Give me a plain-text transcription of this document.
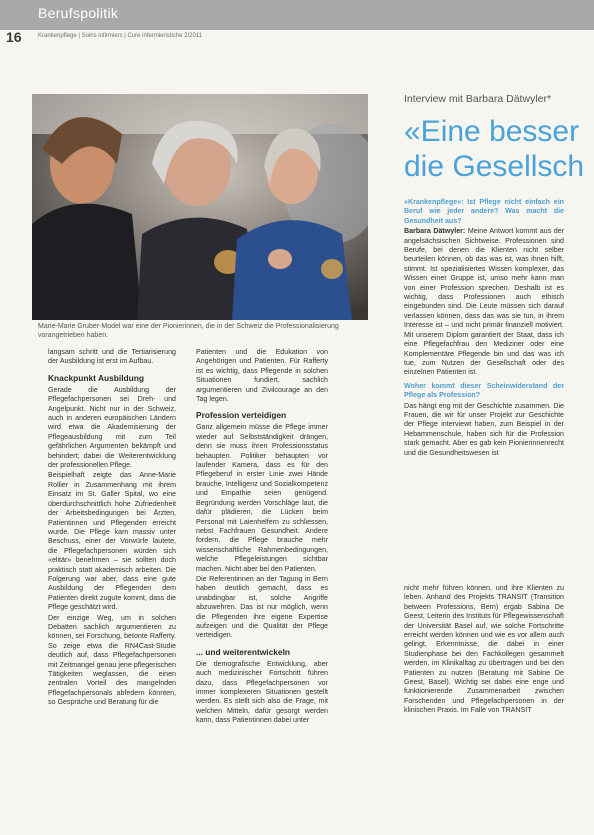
Berufspolitik
16	Krankenpflege | Soins infirmiers | Cure infermieristiche 2/2011
Marie-Marie Gruber-Model war eine der Pionierinnen, die in der Schweiz die Professionalisierung vorangetrieben haben.
Interview mit Barbara Dätwyler*
«Eine besser
die Gesellsch

langsam schritt und die Tertiarisierung der Ausbildung ist erst im Aufbau.

Knackpunkt Ausbildung

Gerade die Ausbildung der Pflegefachpersonen sei Dreh- und Angelpunkt. Nicht nur in der Schweiz, auch in anderen europäischen Ländern wird etwa die Akademisierung der Pflegeausbildung mit zum Teil gefährlichen Argumenten bekämpft und behindert; dabei die Weiterentwicklung der professionellen Pflege.

Beispielhaft zeigte das Anne-Marie Rollier in Zusammenhang mit ihrem Einsatz im St. Galler Spital, wo eine überdurchschnittlich hohe Zufriedenheit der Arbeitsbedingungen bei Ärzten, Patientinnen und Pflegenden erreicht wurde. Die Pflege kam massiv unter Beschuss, einer der Vorwürfe lautete, die Pflegefachpersonen würden sich «elitär» benehmen – sie sollten doch praktisch statt akademisch arbeiten. Die Folgerung war aber, dass eine gute Ausbildung der Pflegenden dem Patienten direkt zugute kommt, dass die Pflege geschätzt wird.

Der einzige Weg, um in solchen Debatten sachlich argumentieren zu können, sei Forschung, betonte Rafferty. So zeige etwa die RN4Cast-Studie deutlich auf, dass Pflegefachpersonen mit Zeitmangel genau jene pflegerischen Tätigkeiten weglassen, die einen zentralen Vorteil des mangelnden Pflegefachpersonals abfedern könnten, so Gespräche und Beratung für die

Patienten und die Edukation von Angehörigen und Patienten. Für Rafferty ist es wichtig, dass Pflegende in solchen Situationen fundiert, sachlich argumentieren und Zivilcourage an den Tag legen.

Profession verteidigen

Ganz allgemein müsse die Pflege immer wieder auf Selbstständigkeit drängen, denn sie muss ihren Professionsstatus behaupten. Politiker behaupten vor laufender Kamera, dass es für den Pflegeberuf in erster Linie zwei Hände brauche, Intelligenz und Sozialkompetenz und Empathie seien genügend. Begründung werden Vorschläge laut, die dafür plädieren, die Lücken beim Personal mit Laienhelfern zu schliessen, nebst Fachfrauen Gesundheit. Andere fordern, die Pflege brauche mehr wissenschaftliche Rahmenbedingungen, welche Pflegeleistungen sichtbar machen. Nicht aber bei den Patienten.

Die Referentinnen an der Tagung in Bern haben deutlich gemacht, dass es unabdingbar ist, solche Angriffe abzuwehren. Das ist nur möglich, wenn die Pflegenden ihre eigene Expertise aufzeigen und die Qualität der Pflege verteidigen.

... und weiterentwickeln

Die demografische Entwicklung, aber auch medizinischer Fortschritt führen dazu, dass Pflegefachpersonen vor immer komplexeren Situationen gestellt werden. Es stellt sich also die Frage, mit welchen Mitteln, dafür gesorgt werden kann, dass Patientinnen dabei unter

«Krankenpflege»: Ist Pflege nicht einfach ein Beruf wie jeder andere? Was macht die Gesundheit aus?

Barbara Dätwyler: Meine Antwort kommt aus der angelsächsischen Sichtweise. Professionen sind Berufe, bei denen die Klienten nicht selber beurteilen können, ob das was ist, was ihnen hilft, stimmt. Ist spezialisiertes Wissen komplexer, das Wissen einer Gruppe ist, umso mehr kann man von einer Profession sprechen. Deshalb ist es wichtig, dass Professionen auch ethisch eingebunden sind. Die Leute müssen sich darauf verlassen können, dass das was sie tun, in ihrem Interesse ist – und nicht primär finanziell motiviert. Mit unserem Diplom garantiert der Staat, dass ich eine Pflegefachfrau den Mediziner oder eine Komplementäre Pflegende bin und das was ich tue, zum Nutzen der Gesellschaft oder des einzelnen Patienten ist.

Woher kommt dieser Scheinwiderstand der Pflege als Profession?

Das hängt eng mit der Geschichte zusammen. Die Frauen, die wir für unser Projekt zur Geschichte der Pflege interviewt haben, zum Beispiel in der Hebammenschule, haben sich für die Profession stark gemacht. Aber es gab kein Pionierinnenrecht und die Gesundheitswesen ist

nicht mehr führen können, und ihre Klienten zu leben. Anhand des Projekts TRANSIT (Transition between Professions, Bern) ergab Sabina De Geest, Leiterin des Instituts für Pflegewissenschaft der Universität Basel auf, wie solche Fortschritte erreicht werden können und wie es vor allem auch gelingt, Erkenntnisse, die dabei in einer Studienphase bei den Fachkollegen gesammelt werden, im Klinikalltag zu übertragen und bei den Patienten zu nutzen (Beratung mit Sabine De Geest, Basel). Wichtig sei dabei eine enge und funktionierende Zusammenarbeit zwischen Forschenden und Pflegefachpersonen in der klinischen Praxis. Im Falle von TRANSIT
